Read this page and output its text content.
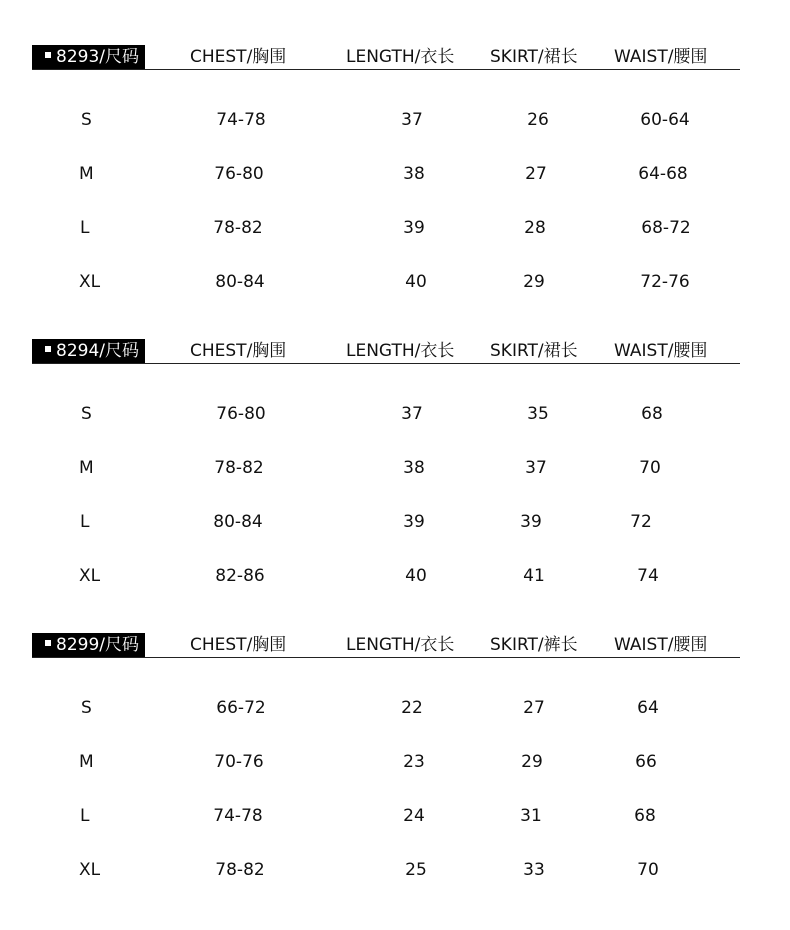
8293/尺码	CHEST/胸围	LENGTH/衣长 SKIRT/裙长 WAIST/腰围
S	74-78	37	26	60-64
M	76-80	38	27	64-68
L	78-82	39	28	68-72
XL	80-84	40	29	72-76
8294/尺码	CHEST/胸围	LENGTH/衣长 SKIRT/裙长 WAIST/腰围
S	76-80	37	35	68
M	78-82	38	37	70
L	80-84	39	39	72
XL	82-86	40	41	74
8299/尺码	CHEST/胸围	LENGTH/衣长 SKIRT/裤长 WAIST/腰围
S	66-72	22	27	64
M	70-76	23	29	66
L	74-78	24	31	68
XL	78-82	25	33	70
